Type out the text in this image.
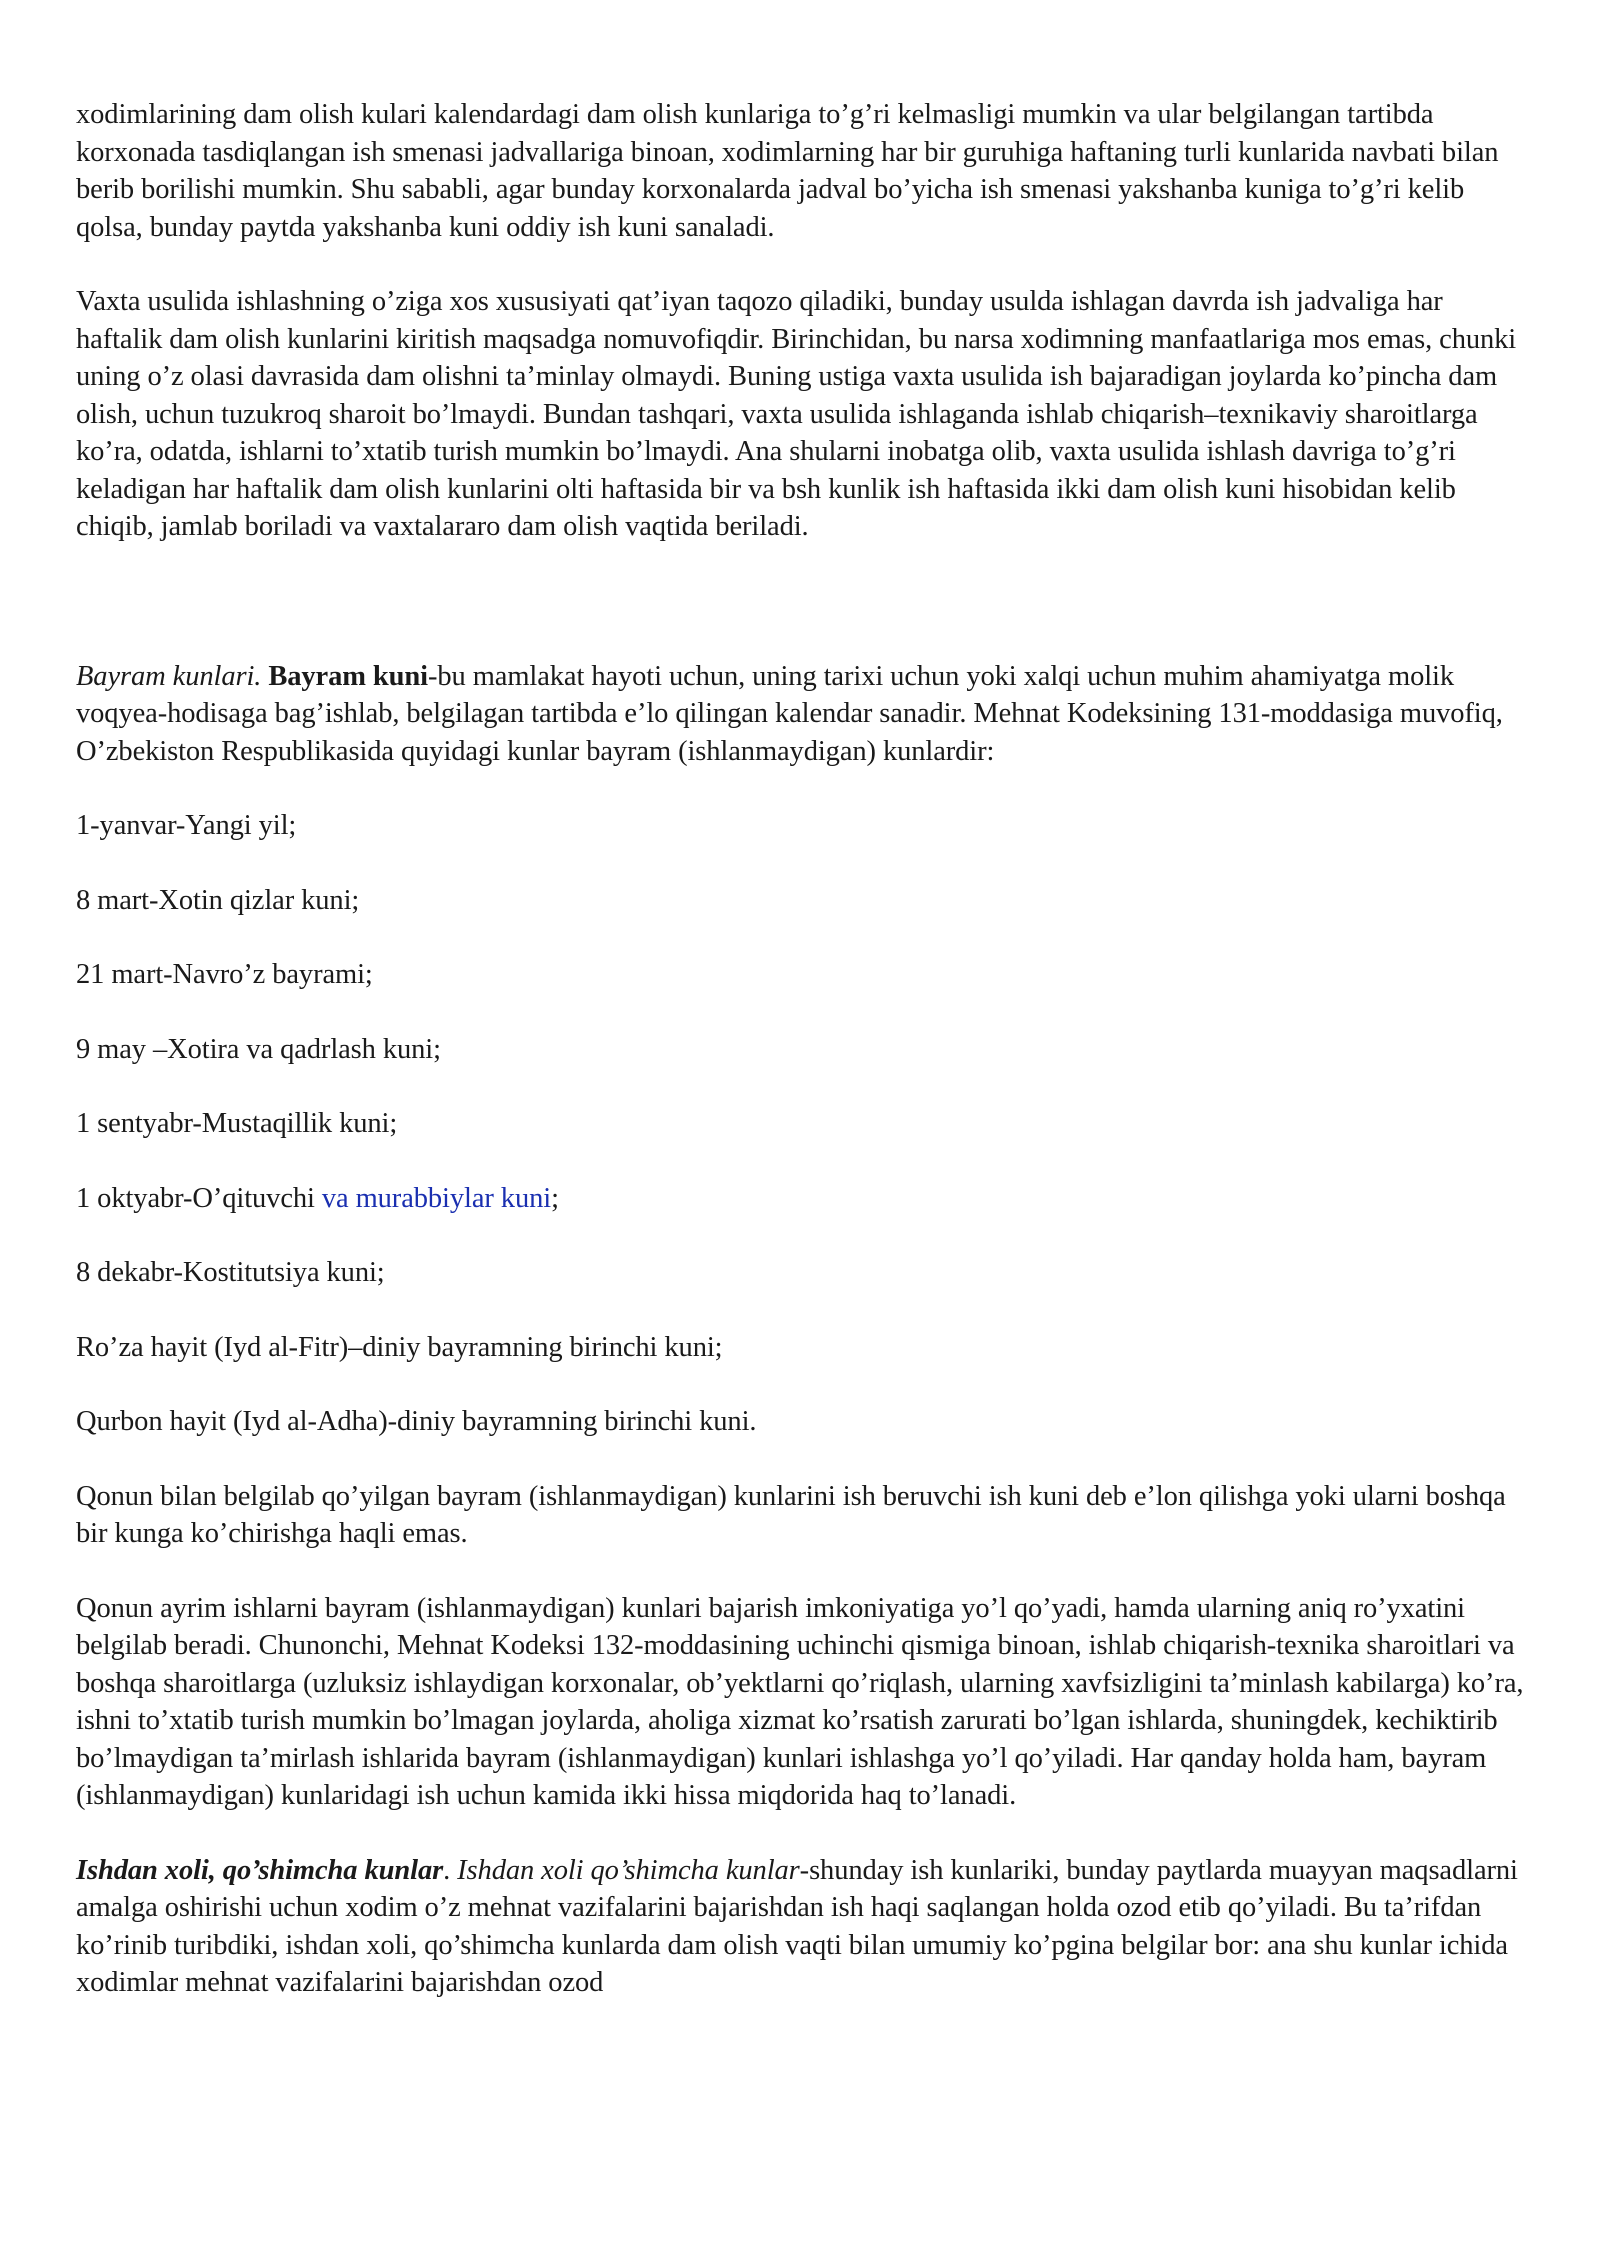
xodimlarining dam olish kulari kalendardagi dam olish kunlariga to’g’ri kelmasligi mumkin va ular belgilangan tartibda korxonada tasdiqlangan ish smenasi jadvallariga binoan, xodimlarning har bir guruhiga haftaning turli kunlarida navbati bilan berib borilishi mumkin. Shu sababli, agar bunday korxonalarda jadval bo’yicha ish smenasi yakshanba kuniga to’g’ri kelib qolsa, bunday paytda yakshanba kuni oddiy ish kuni sanaladi.

Vaxta usulida ishlashning o’ziga xos xususiyati qat’iyan taqozo qiladiki, bunday usulda ishlagan davrda ish jadvaliga har haftalik dam olish kunlarini kiritish maqsadga nomuvofiqdir. Birinchidan, bu narsa xodimning manfaatlariga mos emas, chunki uning o’z olasi davrasida dam olishni ta’minlay olmaydi. Buning ustiga vaxta usulida ish bajaradigan joylarda ko’pincha dam olish, uchun tuzukroq sharoit bo’lmaydi. Bundan tashqari, vaxta usulida ishlaganda ishlab chiqarish–texnikaviy sharoitlarga ko’ra, odatda, ishlarni to’xtatib turish mumkin bo’lmaydi. Ana shularni inobatga olib, vaxta usulida ishlash davriga to’g’ri keladigan har haftalik dam olish kunlarini olti haftasida bir va bsh kunlik ish haftasida ikki dam olish kuni hisobidan kelib chiqib, jamlab boriladi va vaxtalararo dam olish vaqtida beriladi.

Bayram kunlari. Bayram kuni-bu mamlakat hayoti uchun, uning tarixi uchun yoki xalqi uchun muhim ahamiyatga molik voqyea-hodisaga bag’ishlab, belgilagan tartibda e’lo qilingan kalendar sanadir. Mehnat Kodeksining 131-moddasiga muvofiq, O’zbekiston Respublikasida quyidagi kunlar bayram (ishlanmaydigan) kunlardir:

1-yanvar-Yangi yil;

8 mart-Xotin qizlar kuni;

21 mart-Navro’z bayrami;

9 may –Xotira va qadrlash kuni;

1 sentyabr-Mustaqillik kuni;

1 oktyabr-O’qituvchi va murabbiylar kuni;

8 dekabr-Kostitutsiya kuni;

Ro’za hayit (Iyd al-Fitr)–diniy bayramning birinchi kuni;

Qurbon hayit (Iyd al-Adha)-diniy bayramning birinchi kuni.

Qonun bilan belgilab qo’yilgan bayram (ishlanmaydigan) kunlarini ish beruvchi ish kuni deb e’lon qilishga yoki ularni boshqa bir kunga ko’chirishga haqli emas.

Qonun ayrim ishlarni bayram (ishlanmaydigan) kunlari bajarish imkoniyatiga yo’l qo’yadi, hamda ularning aniq ro’yxatini belgilab beradi. Chunonchi, Mehnat Kodeksi 132-moddasining uchinchi qismiga binoan, ishlab chiqarish-texnika sharoitlari va boshqa sharoitlarga (uzluksiz ishlaydigan korxonalar, ob’yektlarni qo’riqlash, ularning xavfsizligini ta’minlash kabilarga) ko’ra, ishni to’xtatib turish mumkin bo’lmagan joylarda, aholiga xizmat ko’rsatish zarurati bo’lgan ishlarda, shuningdek, kechiktirib bo’lmaydigan ta’mirlash ishlarida bayram (ishlanmaydigan) kunlari ishlashga yo’l qo’yiladi. Har qanday holda ham, bayram (ishlanmaydigan) kunlaridagi ish uchun kamida ikki hissa miqdorida haq to’lanadi.

Ishdan xoli, qo’shimcha kunlar. Ishdan xoli qo’shimcha kunlar-shunday ish kunlariki, bunday paytlarda muayyan maqsadlarni amalga oshirishi uchun xodim o’z mehnat vazifalarini bajarishdan ish haqi saqlangan holda ozod etib qo’yiladi. Bu ta’rifdan ko’rinib turibdiki, ishdan xoli, qo’shimcha kunlarda dam olish vaqti bilan umumiy ko’pgina belgilar bor: ana shu kunlar ichida xodimlar mehnat vazifalarini bajarishdan ozod
